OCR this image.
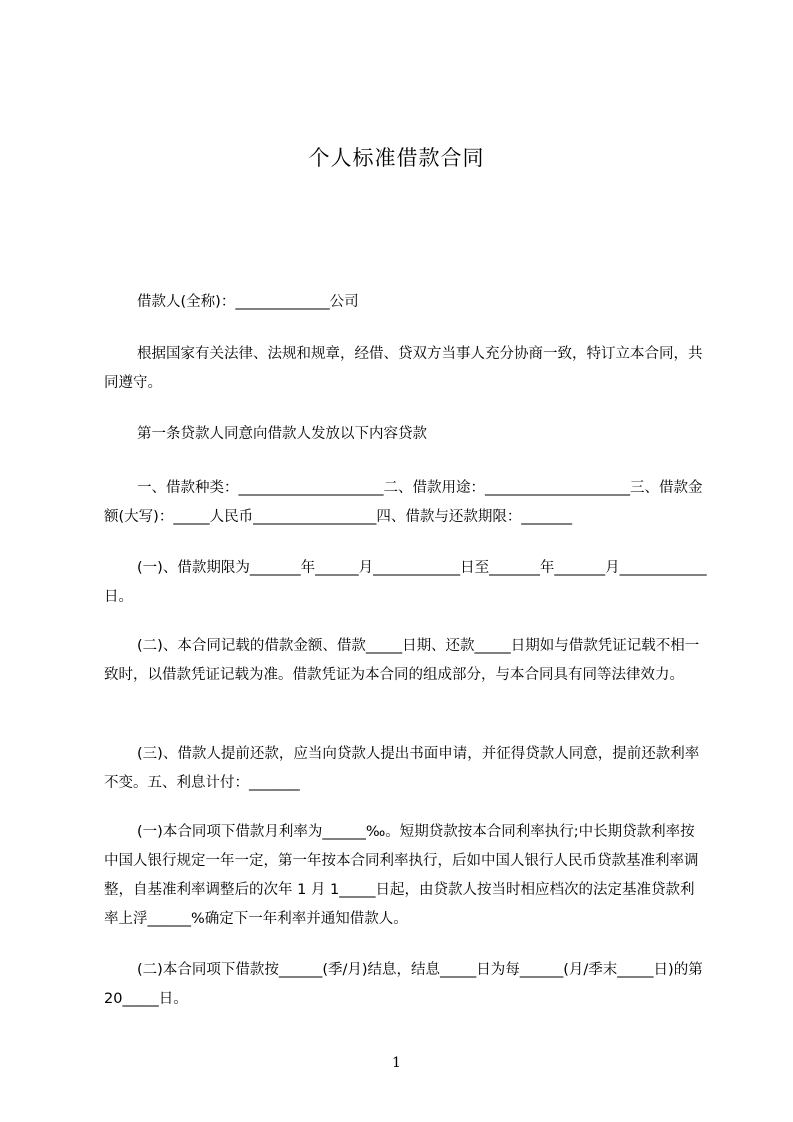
个人标准借款合同
借款人(全称)：_____________公司
根据国家有关法律、法规和规章，经借、贷双方当事人充分协商一致，特订立本合同，共同遵守。
第一条贷款人同意向借款人发放以下内容贷款
一、借款种类：____________________二、借款用途：____________________三、借款金额(大写)：_____人民币_________________四、借款与还款期限：_______
(一)、借款期限为_______年______月____________日至_______年_______月____________日。
(二)、本合同记载的借款金额、借款_____日期、还款_____日期如与借款凭证记载不相一致时，以借款凭证记载为准。借款凭证为本合同的组成部分，与本合同具有同等法律效力。
(三)、借款人提前还款，应当向贷款人提出书面申请，并征得贷款人同意，提前还款利率不变。五、利息计付：_______
(一)本合同项下借款月利率为______‰。短期贷款按本合同利率执行;中长期贷款利率按中国人银行规定一年一定，第一年按本合同利率执行，后如中国人银行人民币贷款基准利率调整，自基准利率调整后的次年 1 月 1_____日起，由贷款人按当时相应档次的法定基准贷款利率上浮______%确定下一年利率并通知借款人。
(二)本合同项下借款按______(季/月)结息，结息_____日为每______(月/季末_____日)的第 20_____日。
1
